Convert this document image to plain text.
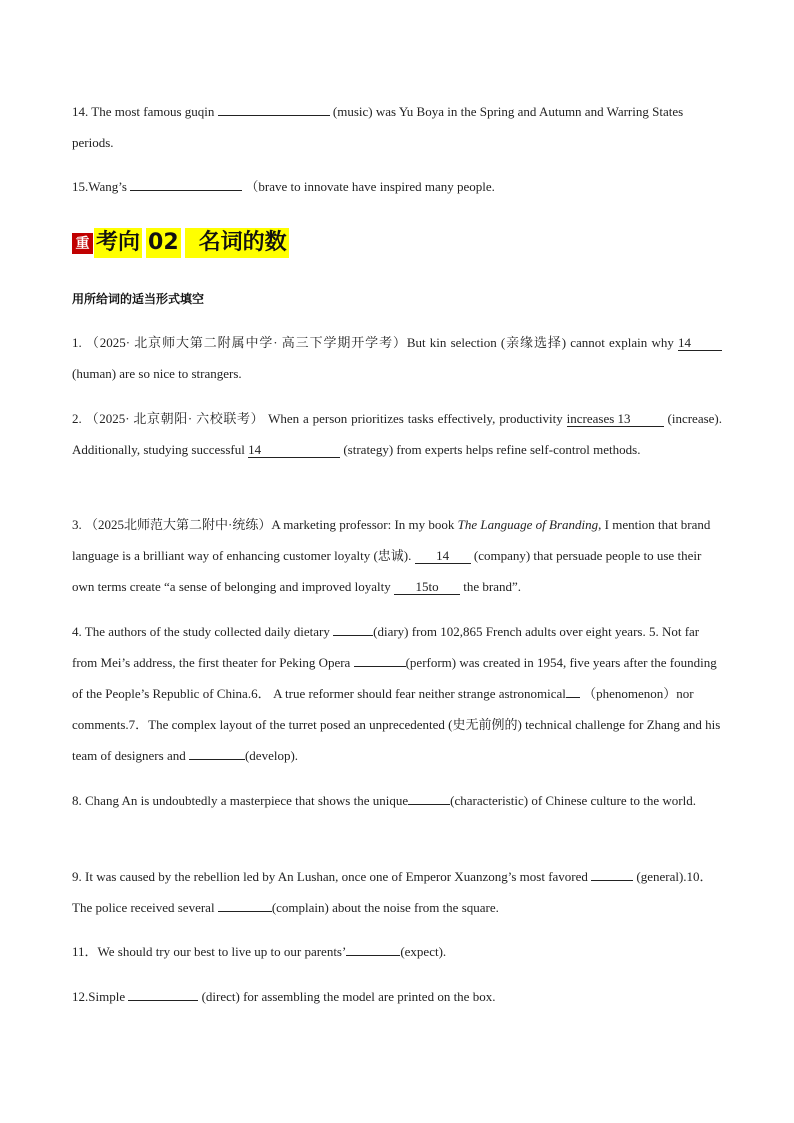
14. The most famous guqin	(music) was Yu Boya in the Spring and Autumn and Warring States periods.
15.Wang’s	（brave to innovate have inspired many people.
重 考向 02 名词的数
用所给词的适当形式填空
1. （2025· 北京师大第二附属中学· 高三下学期开学考）But kin selection (亲缘选择) cannot explain why 14 (human) are so nice to strangers.
2. （2025· 北京朝阳· 六校联考） When a person prioritizes tasks effectively, productivity increases 13	(increase). Additionally, studying successful 14	(strategy) from experts helps refine self-control methods.
3. （2025北师范大第二附中·统练）A marketing professor: In my book The Language of Branding, I mention that brand language is a brilliant way of enhancing customer loyalty (忠诚). 14 (company) that persuade people to use their own terms create “a sense of belonging and improved loyalty 15to the brand”.
4. The authors of the study collected daily dietary	(diary) from 102,865 French adults over eight years. 5. Not far from Mei’s address, the first theater for Peking Opera	(perform) was created in 1954, five years after the founding of the People’s Republic of China.6． A true reformer should fear neither strange astronomical （phenomenon）nor comments.7．The complex layout of the turret posed an unprecedented (史无前例的) technical challenge for Zhang and his team of designers and	(develop).
8. Chang An is undoubtedly a masterpiece that shows the unique	(characteristic) of Chinese culture to the world.
9. It was caused by the rebellion led by An Lushan, once one of Emperor Xuanzong’s most favored	(general).10． The police received several	(complain) about the noise from the square.
11．We should try our best to live up to our parents’	(expect).
12.Simple	(direct) for assembling the model are printed on the box.
